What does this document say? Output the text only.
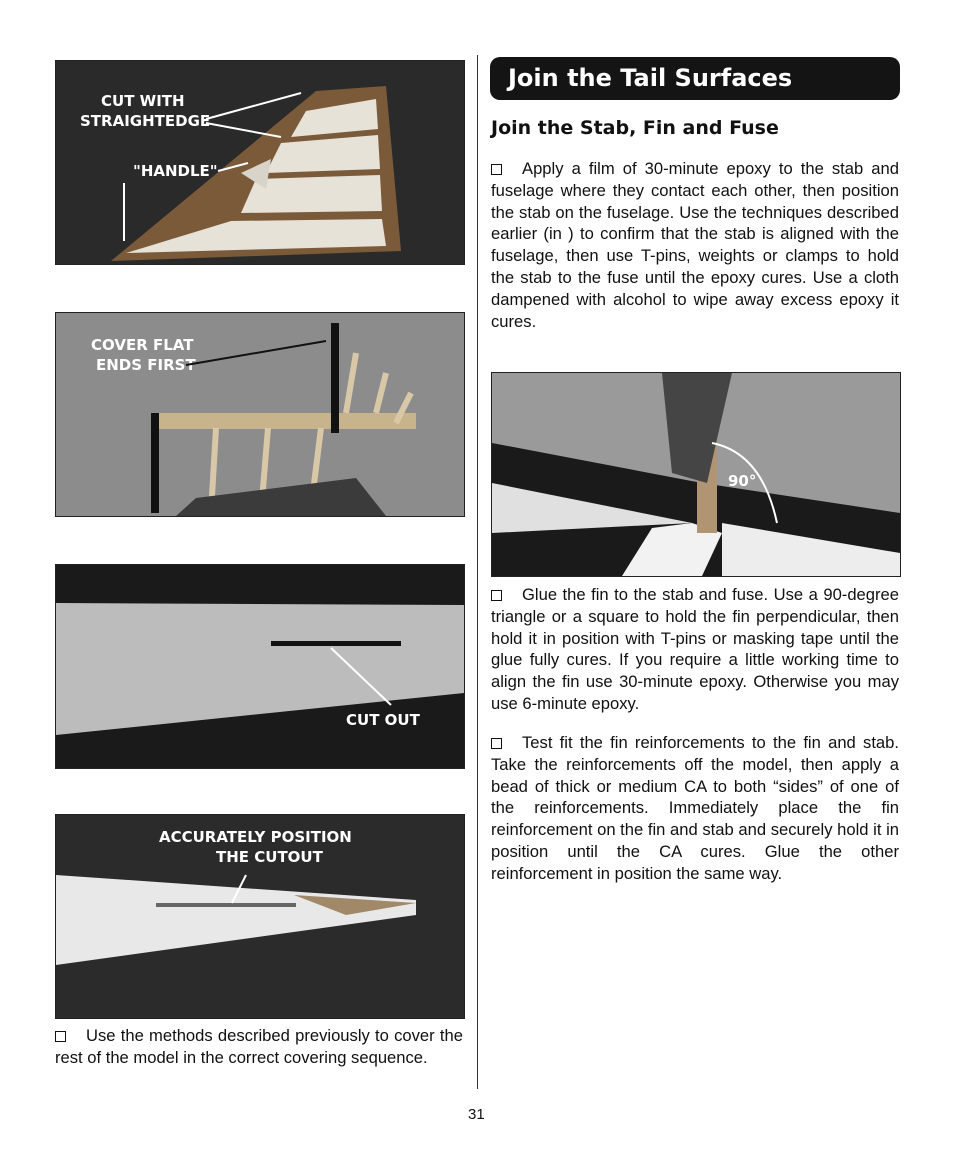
CUT WITH
STRAIGHTEDGE
"HANDLE"
COVER FLAT
ENDS FIRST
CUT OUT
ACCURATELY POSITION
THE CUTOUT

Use the methods described previously to cover the rest of the model in the correct covering sequence.

Join the Tail Surfaces
Join the Stab, Fin and Fuse

Apply a film of 30-minute epoxy to the stab and fuselage where they contact each other, then position the stab on the fuselage. Use the techniques described earlier (in ) to confirm that the stab is aligned with the fuselage, then use T-pins, weights or clamps to hold the stab to the fuse until the epoxy cures. Use a cloth dampened with alcohol to wipe away excess epoxy it cures.

90°

Glue the fin to the stab and fuse. Use a 90-degree triangle or a square to hold the fin perpendicular, then hold it in position with T-pins or masking tape until the glue fully cures. If you require a little working time to align the fin use 30-minute epoxy. Otherwise you may use 6-minute epoxy.

Test fit the fin reinforcements to the fin and stab. Take the reinforcements off the model, then apply a bead of thick or medium CA to both “sides” of one of the reinforcements. Immediately place the fin reinforcement on the fin and stab and securely hold it in position until the CA cures. Glue the other reinforcement in position the same way.

31
